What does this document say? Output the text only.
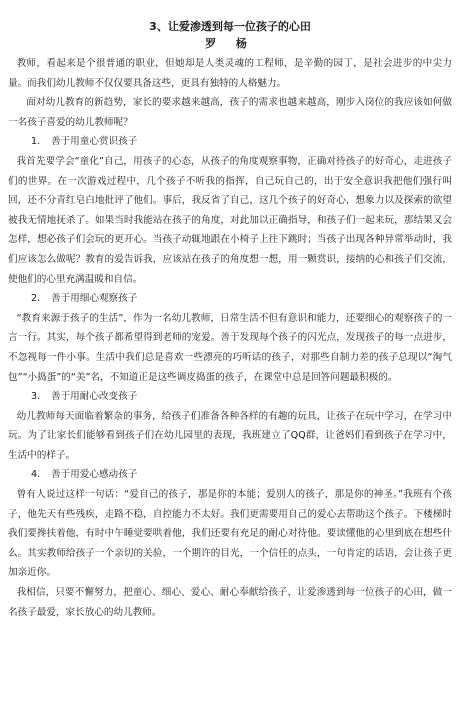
3、让爱渗透到每一位孩子的心田
罗 杨

教师，看起来是个很普通的职业，但她却是人类灵魂的工程师，是辛勤的园丁，是社会进步的中尖力量。而我们幼儿教师不仅仅要具备这些，更具有独特的人格魅力。

面对幼儿教育的新趋势，家长的要求越来越高，孩子的需求也越来越高，刚步入岗位的我应该如何做一名孩子喜爱的幼儿教师呢？

1. 善于用童心赏识孩子

我首先要学会“童化”自己，用孩子的心态，从孩子的角度观察事物，正确对待孩子的好奇心，走进孩子们的世界。在一次游戏过程中，几个孩子不听我的指挥，自己玩自己的，出于安全意识我把他们强行叫回，还不分青红皂白地批评了他们。事后，我反省了自己，这几个孩子的好奇心，想象力以及探索的欲望被我无情地抚杀了。如果当时我能站在孩子的角度，对此加以正确指导，和孩子们一起来玩，那结果又会怎样，想必孩子们会玩的更开心。当孩子动辄地跟在小椅子上往下跳时；当孩子出现各种异常举动时，我们应该怎么做呢？教育的爱告诉我，应该站在孩子的角度想一想，用一颗赏识，接纳的心和孩子们交流，使他们的心里充满温暖和自信。

2. 善于用细心观察孩子

“教育来源于孩子的生活”，作为一名幼儿教师，日常生活不但有意识和能力，还要细心的观察孩子的一言一行。其实，每个孩子都希望得到老师的宠爱。善于发现每个孩子的闪光点，发现孩子的每一点进步，不忽视每一件小事。生活中我们总是喜欢一些漂亮的巧听话的孩子，对那些自制力差的孩子总现以“淘气包”“小捣蛋”的“美”名，不知道正是这些调皮捣蛋的孩子，在课堂中总是回答问题最积极的。

3. 善于用耐心改变孩子

幼儿教师每天面临着繁杂的事务，给孩子们准备各种各样的有趣的玩具，让孩子在玩中学习，在学习中玩。为了让家长们能够看到孩子们在幼儿园里的表现，我班建立了QQ群，让爸妈们看到孩子在学习中，生活中的样子。

4. 善于用爱心感动孩子

曾有人说过这样一句话：“爱自己的孩子，那是你的本能；爱别人的孩子，那是你的神圣。”我班有个孩子，他先天有些残疾，走路不稳，自控能力不太好。我们更需要用自己的爱心去帮助这个孩子。下楼梯时我们要搀扶着他，有时中午睡觉要哄着他，我们还要有充足的耐心对待他。要读懂他的心里到底在想些什么。其实教师给孩子一个亲切的关验，一个期许的目光，一个信任的点头，一句肯定的话语，会让孩子更加亲近你。

我相信，只要不懈努力，把童心、细心、爱心、耐心奉献给孩子，让爱渗透到每一位孩子的心田，做一名孩子最爱，家长放心的幼儿教师。
